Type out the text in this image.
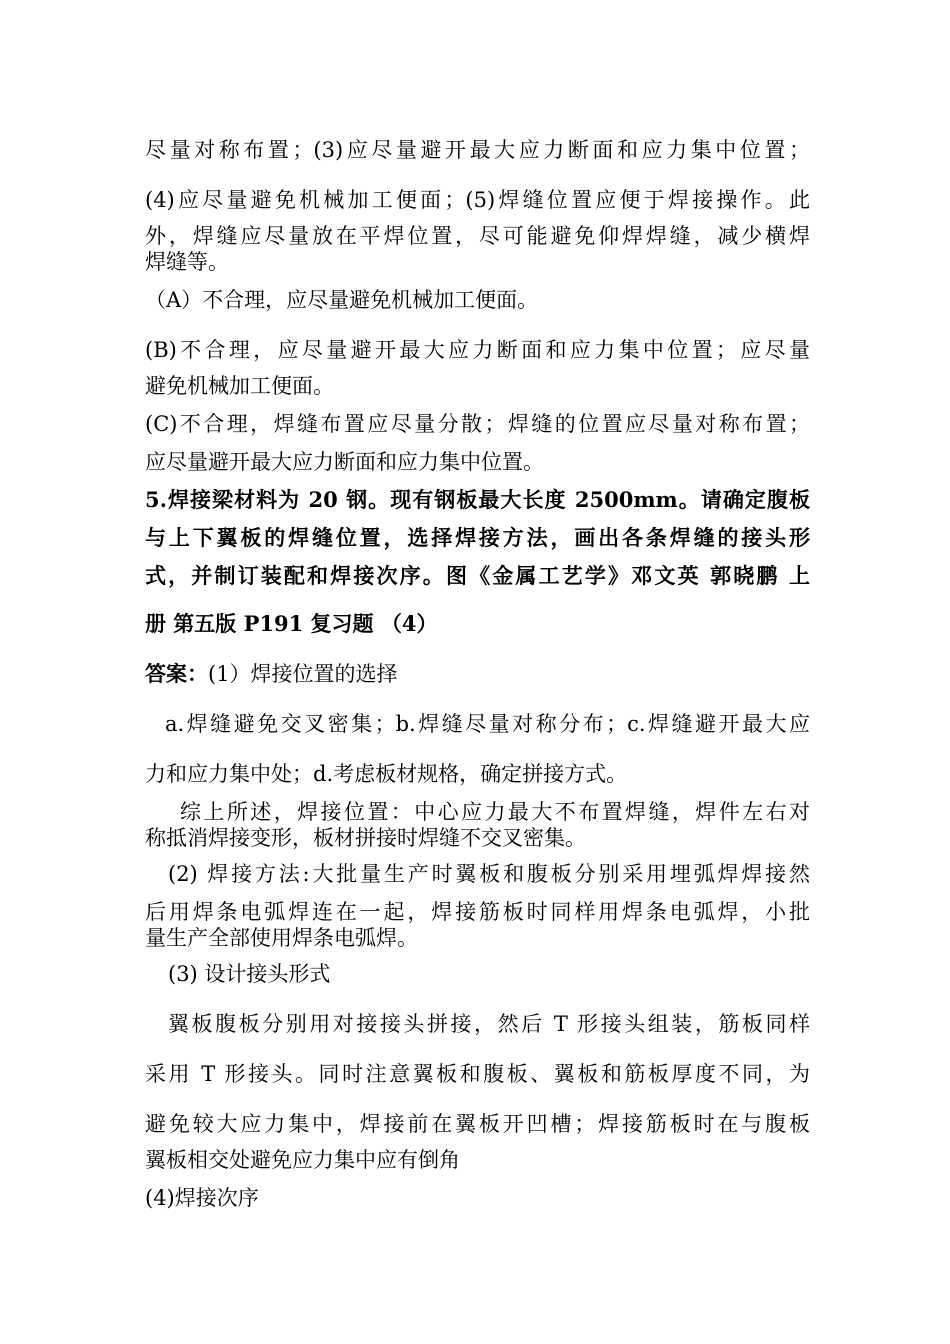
尽量对称布置；(3)应尽量避开最大应力断面和应力集中位置；
(4)应尽量避免机械加工便面；(5)焊缝位置应便于焊接操作。此
外，焊缝应尽量放在平焊位置，尽可能避免仰焊焊缝，减少横焊
焊缝等。
（A）不合理，应尽量避免机械加工便面。
(B)不合理，应尽量避开最大应力断面和应力集中位置；应尽量
避免机械加工便面。
(C)不合理，焊缝布置应尽量分散；焊缝的位置应尽量对称布置；
应尽量避开最大应力断面和应力集中位置。
5.焊接梁材料为 20 钢。现有钢板最大长度 2500mm。请确定腹板
与上下翼板的焊缝位置，选择焊接方法，画出各条焊缝的接头形
式，并制订装配和焊接次序。图《金属工艺学》邓文英 郭晓鹏 上
册 第五版 P191 复习题 （4）
答案：(1）焊接位置的选择
a.焊缝避免交叉密集；b.焊缝尽量对称分布；c.焊缝避开最大应
力和应力集中处；d.考虑板材规格，确定拼接方式。
综上所述，焊接位置：中心应力最大不布置焊缝，焊件左右对
称抵消焊接变形，板材拼接时焊缝不交叉密集。
(2) 焊接方法:大批量生产时翼板和腹板分别采用埋弧焊焊接然
后用焊条电弧焊连在一起，焊接筋板时同样用焊条电弧焊，小批
量生产全部使用焊条电弧焊。
(3) 设计接头形式
翼板腹板分别用对接接头拼接，然后 T 形接头组装，筋板同样
采用 T 形接头。同时注意翼板和腹板、翼板和筋板厚度不同，为
避免较大应力集中，焊接前在翼板开凹槽；焊接筋板时在与腹板
翼板相交处避免应力集中应有倒角
(4)焊接次序
